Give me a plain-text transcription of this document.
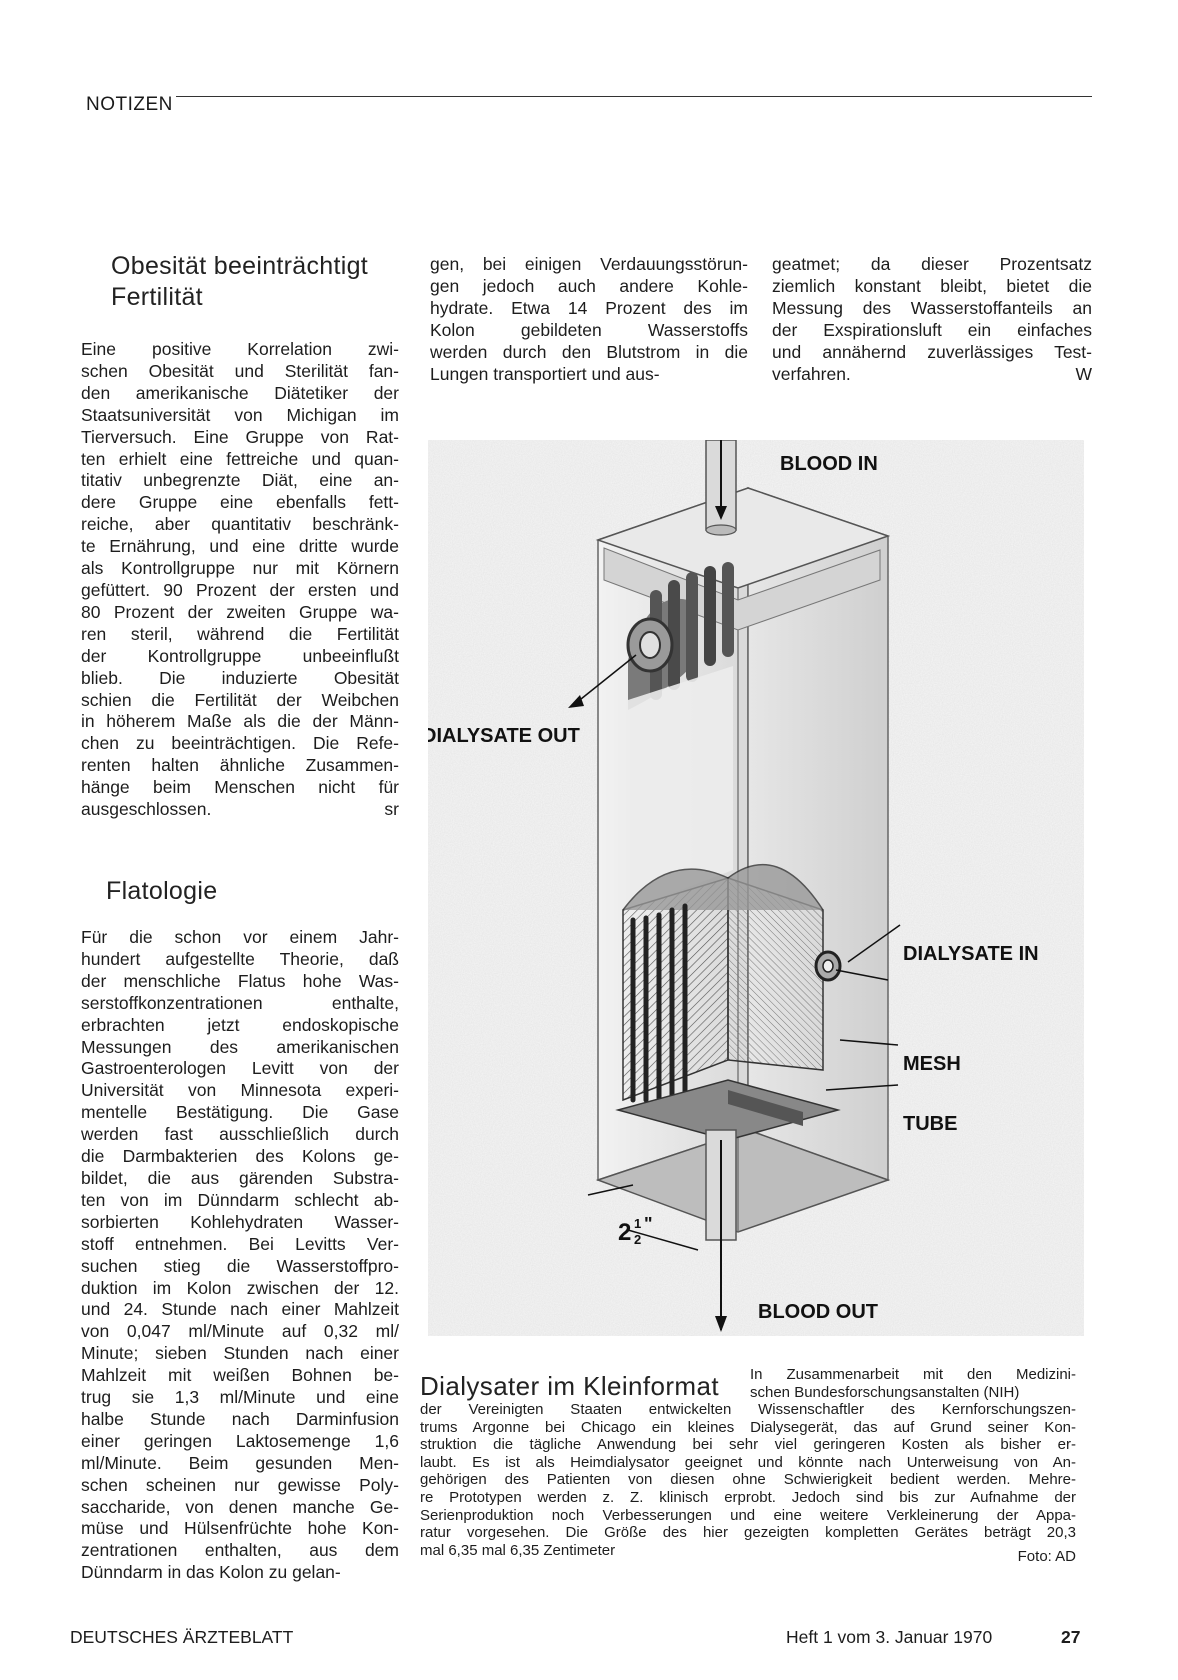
NOTIZEN
Obesität beeinträchtigt
Fertilität
Eine positive Korrelation zwi-
schen Obesität und Sterilität fan-
den amerikanische Diätetiker der
Staatsuniversität von Michigan im
Tierversuch. Eine Gruppe von Rat-
ten erhielt eine fettreiche und quan-
titativ unbegrenzte Diät, eine an-
dere Gruppe eine ebenfalls fett-
reiche, aber quantitativ beschränk-
te Ernährung, und eine dritte wurde
als Kontrollgruppe nur mit Körnern
gefüttert. 90 Prozent der ersten und
80 Prozent der zweiten Gruppe wa-
ren steril, während die Fertilität
der Kontrollgruppe unbeeinflußt
blieb. Die induzierte Obesität
schien die Fertilität der Weibchen
in höherem Maße als die der Männ-
chen zu beeinträchtigen. Die Refe-
renten halten ähnliche Zusammen-
hänge beim Menschen nicht für
ausgeschlossen.	sr
Flatologie
Für die schon vor einem Jahr-
hundert aufgestellte Theorie, daß
der menschliche Flatus hohe Was-
serstoffkonzentrationen enthalte,
erbrachten jetzt endoskopische
Messungen des amerikanischen
Gastroenterologen Levitt von der
Universität von Minnesota experi-
mentelle Bestätigung. Die Gase
werden fast ausschließlich durch
die Darmbakterien des Kolons ge-
bildet, die aus gärenden Substra-
ten von im Dünndarm schlecht ab-
sorbierten Kohlehydraten Wasser-
stoff entnehmen. Bei Levitts Ver-
suchen stieg die Wasserstoffpro-
duktion im Kolon zwischen der 12.
und 24. Stunde nach einer Mahlzeit
von 0,047 ml/Minute auf 0,32 ml/
Minute; sieben Stunden nach einer
Mahlzeit mit weißen Bohnen be-
trug sie 1,3 ml/Minute und eine
halbe Stunde nach Darminfusion
einer geringen Laktosemenge 1,6
ml/Minute. Beim gesunden Men-
schen scheinen nur gewisse Poly-
saccharide, von denen manche Ge-
müse und Hülsenfrüchte hohe Kon-
zentrationen enthalten, aus dem
Dünndarm in das Kolon zu gelan-
gen, bei einigen Verdauungsstörun-
gen jedoch auch andere Kohle-
hydrate. Etwa 14 Prozent des im
Kolon gebildeten Wasserstoffs
werden durch den Blutstrom in die
Lungen transportiert und aus-
geatmet; da dieser Prozentsatz
ziemlich konstant bleibt, bietet die
Messung des Wasserstoffanteils an
der Exspirationsluft ein einfaches
und annähernd zuverlässiges Test-
verfahren.	W
BLOOD IN
DIALYSATE OUT
DIALYSATE IN
MESH
TUBE
BLOOD OUT
2 1
2
"
Dialysater im Kleinformat In Zusammenarbeit mit den Medizini-
schen Bundesforschungsanstalten (NIH)
der Vereinigten Staaten entwickelten Wissenschaftler des Kernforschungszen-
trums Argonne bei Chicago ein kleines Dialysegerät, das auf Grund seiner Kon-
struktion die tägliche Anwendung bei sehr viel geringeren Kosten als bisher er-
laubt. Es ist als Heimdialysator geeignet und könnte nach Unterweisung von An-
gehörigen des Patienten von diesen ohne Schwierigkeit bedient werden. Mehre-
re Prototypen werden z. Z. klinisch erprobt. Jedoch sind bis zur Aufnahme der
Serienproduktion noch Verbesserungen und eine weitere Verkleinerung der Appa-
ratur vorgesehen. Die Größe des hier gezeigten kompletten Gerätes beträgt 20,3
mal 6,35 mal 6,35 Zentimeter	Foto: AD
DEUTSCHES ÄRZTEBLATT	Heft 1 vom 3. Januar 1970	27
